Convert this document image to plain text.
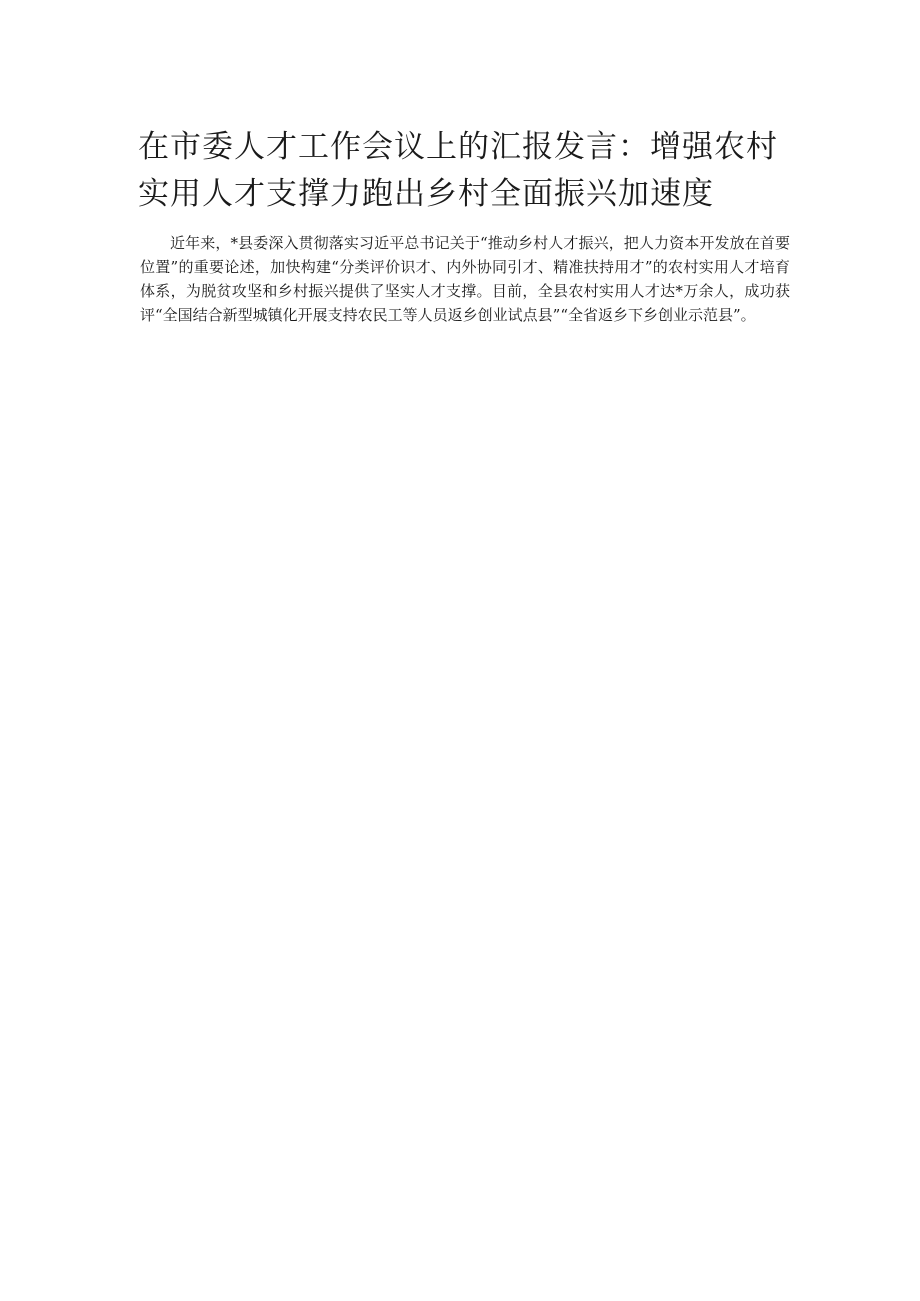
在市委人才工作会议上的汇报发言：增强农村实用人才支撑力跑出乡村全面振兴加速度

近年来，*县委深入贯彻落实习近平总书记关于“推动乡村人才振兴，把人力资本开发放在首要位置”的重要论述，加快构建“分类评价识才、内外协同引才、精准扶持用才”的农村实用人才培育体系，为脱贫攻坚和乡村振兴提供了坚实人才支撑。目前，全县农村实用人才达*万余人，成功获评“全国结合新型城镇化开展支持农民工等人员返乡创业试点县”“全省返乡下乡创业示范县”。
